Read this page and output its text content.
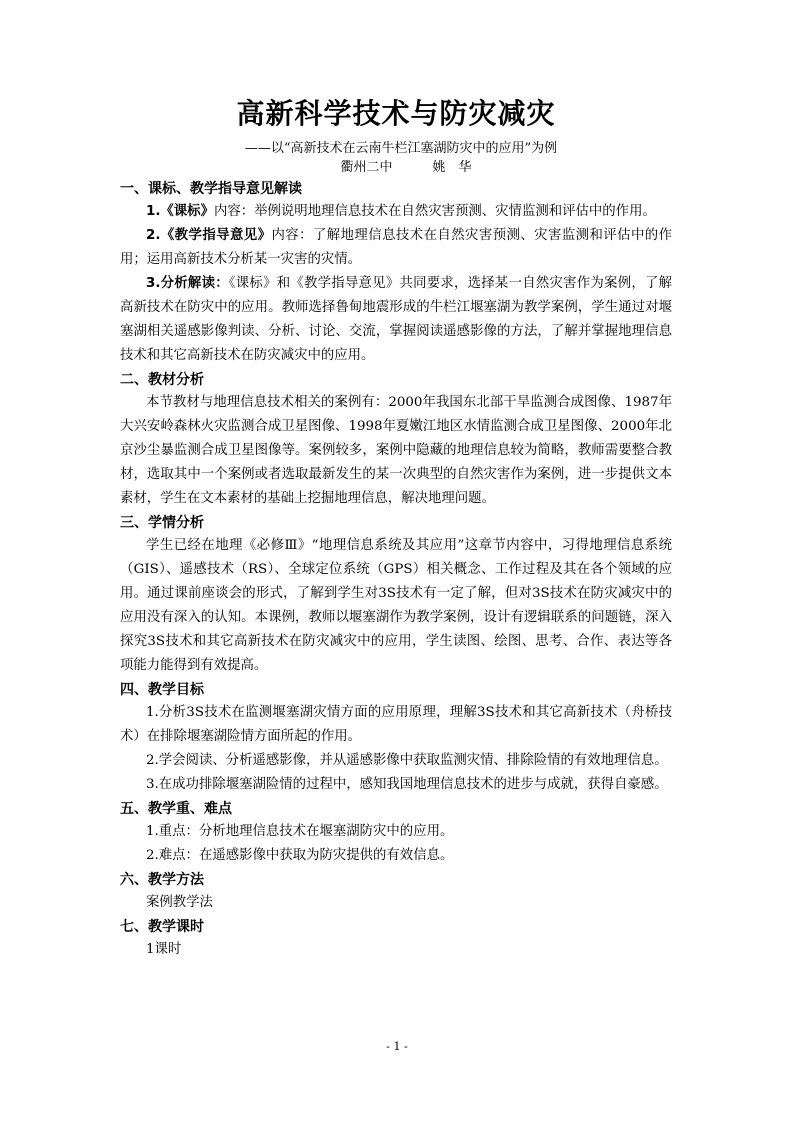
高新科学技术与防灾减灾
——以“高新技术在云南牛栏江塞湖防灾中的应用”为例
衢州二中	姚　华
一、课标、教学指导意见解读
1.《课标》内容：举例说明地理信息技术在自然灾害预测、灾情监测和评估中的作用。
2.《教学指导意见》内容：了解地理信息技术在自然灾害预测、灾害监测和评估中的作用；运用高新技术分析某一灾害的灾情。
3.分析解读：《课标》和《教学指导意见》共同要求，选择某一自然灾害作为案例，了解高新技术在防灾中的应用。教师选择鲁甸地震形成的牛栏江堰塞湖为教学案例，学生通过对堰塞湖相关遥感影像判读、分析、讨论、交流，掌握阅读遥感影像的方法，了解并掌握地理信息技术和其它高新技术在防灾减灾中的应用。
二、教材分析
本节教材与地理信息技术相关的案例有：2000年我国东北部干旱监测合成图像、1987年大兴安岭森林火灾监测合成卫星图像、1998年夏嫩江地区水情监测合成卫星图像、2000年北京沙尘暴监测合成卫星图像等。案例较多，案例中隐藏的地理信息较为简略，教师需要整合教材，选取其中一个案例或者选取最新发生的某一次典型的自然灾害作为案例，进一步提供文本素材，学生在文本素材的基础上挖掘地理信息，解决地理问题。
三、学情分析
学生已经在地理《必修Ⅲ》“地理信息系统及其应用”这章节内容中，习得地理信息系统（GIS）、遥感技术（RS）、全球定位系统（GPS）相关概念、工作过程及其在各个领域的应用。通过课前座谈会的形式，了解到学生对3S技术有一定了解，但对3S技术在防灾减灾中的应用没有深入的认知。本课例，教师以堰塞湖作为教学案例，设计有逻辑联系的问题链，深入探究3S技术和其它高新技术在防灾减灾中的应用，学生读图、绘图、思考、合作、表达等各项能力能得到有效提高。
四、教学目标
1.分析3S技术在监测堰塞湖灾情方面的应用原理，理解3S技术和其它高新技术（舟桥技术）在排除堰塞湖险情方面所起的作用。
2.学会阅读、分析遥感影像，并从遥感影像中获取监测灾情、排除险情的有效地理信息。
3.在成功排除堰塞湖险情的过程中，感知我国地理信息技术的进步与成就，获得自豪感。
五、教学重、难点
1.重点：分析地理信息技术在堰塞湖防灾中的应用。
2.难点：在遥感影像中获取为防灾提供的有效信息。
六、教学方法
案例教学法
七、教学课时
1课时
- 1 -
